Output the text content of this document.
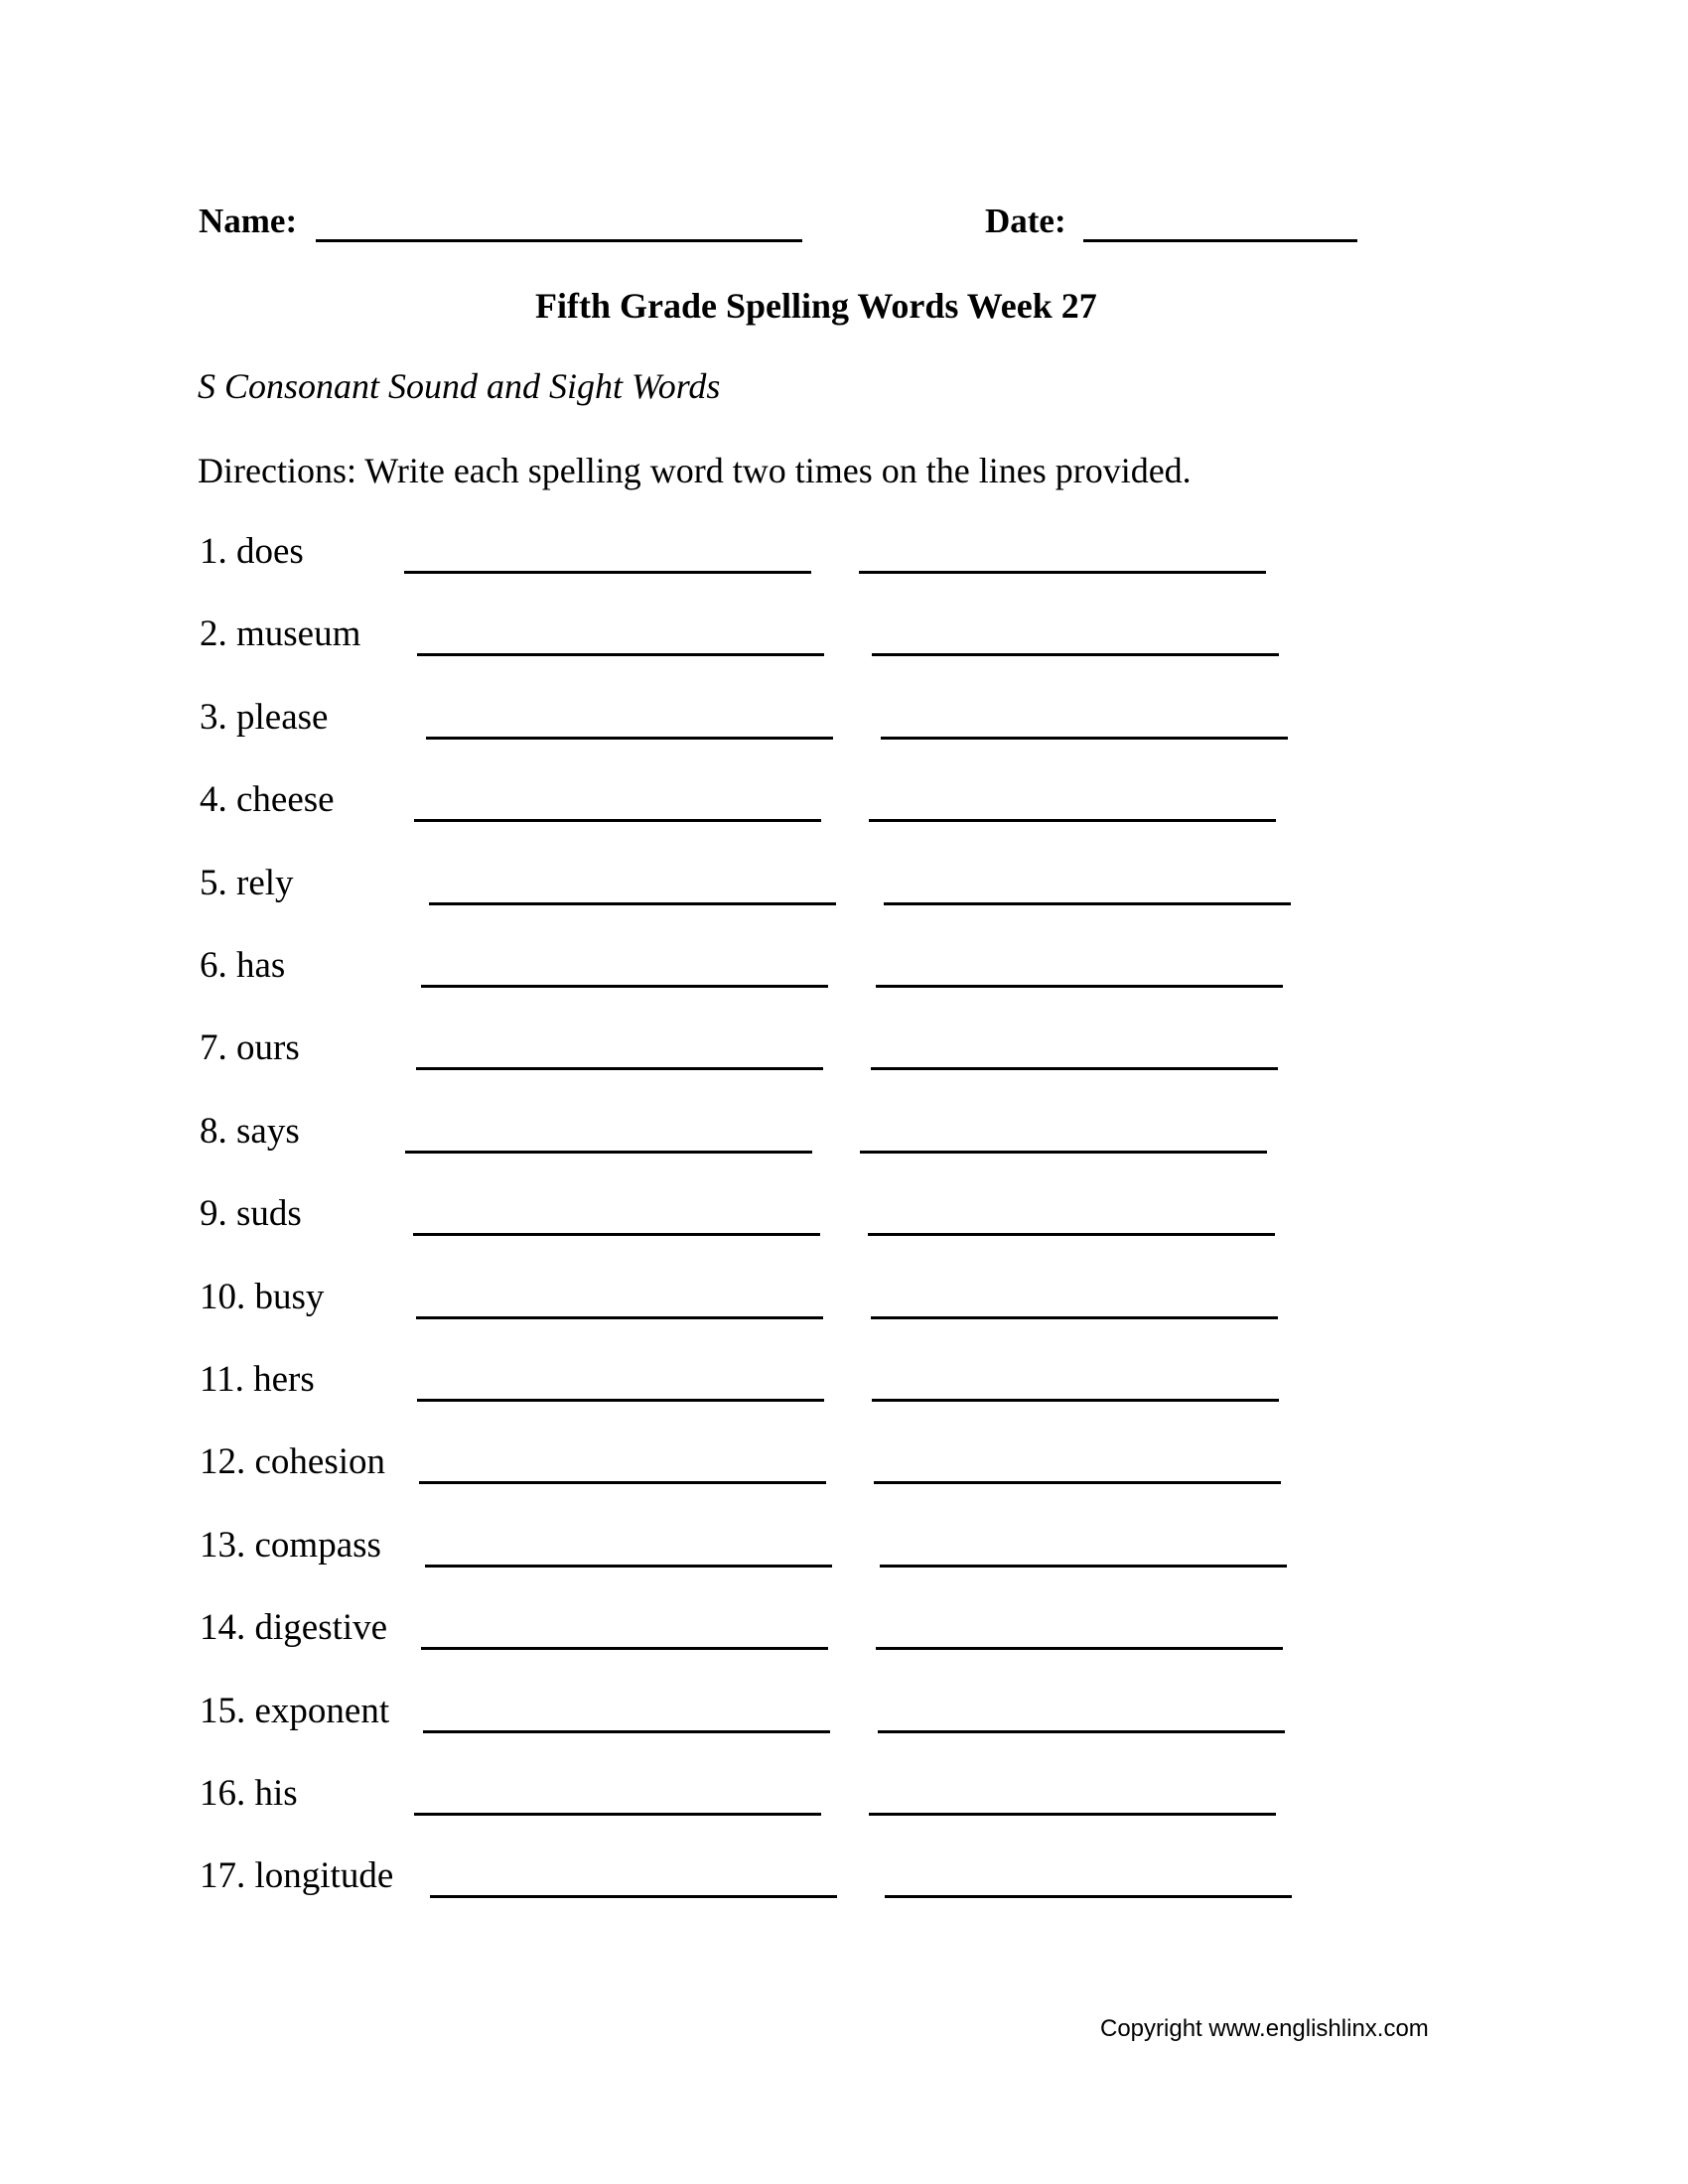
Name:	Date:
Fifth Grade Spelling Words Week 27
S Consonant Sound and Sight Words
Directions: Write each spelling word two times on the lines provided.
1. does
2. museum
3. please
4. cheese
5. rely
6. has
7. ours
8. says
9. suds
10. busy
11. hers
12. cohesion
13. compass
14. digestive
15. exponent
16. his
17. longitude
Copyright www.englishlinx.com
